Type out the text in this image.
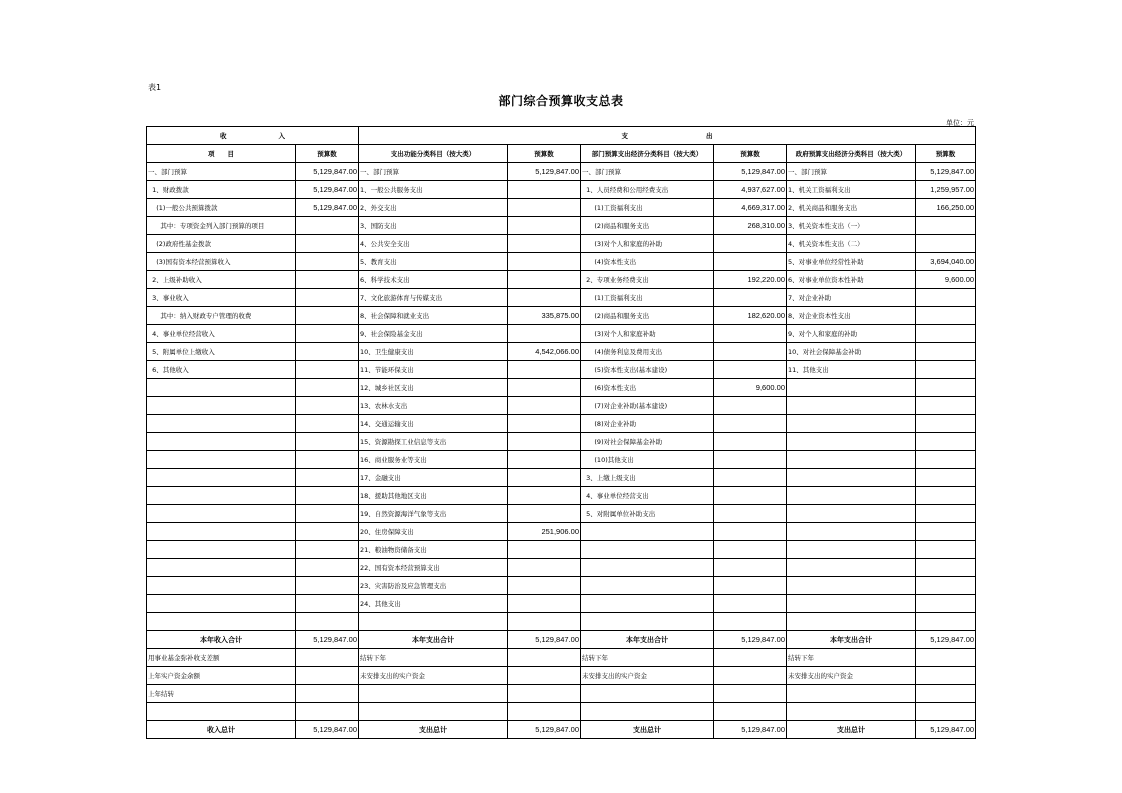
表1
部门综合预算收支总表
单位：元
收　　　　　　　　入		支　　　　　　　　　　　　出					
项　　目	预算数	支出功能分类科目（按大类）	预算数	部门预算支出经济分类科目（按大类）	预算数	政府预算支出经济分类科目（按大类）	预算数
一、部门预算	5,129,847.00	一、部门预算	5,129,847.00	一、部门预算	5,129,847.00	一、部门预算	5,129,847.00
1、财政拨款	5,129,847.00	1、一般公共服务支出		1、人员经费和公用经费支出	4,937,627.00	1、机关工资福利支出	1,259,957.00
(1)一般公共预算拨款	5,129,847.00	2、外交支出		(1)工资福利支出	4,669,317.00	2、机关商品和服务支出	166,250.00
其中：专项资金列入部门预算的项目		3、国防支出		(2)商品和服务支出	268,310.00	3、机关资本性支出（一）	
(2)政府性基金拨款		4、公共安全支出		(3)对个人和家庭的补助		4、机关资本性支出（二）	
(3)国有资本经营预算收入		5、教育支出		(4)资本性支出		5、对事业单位经常性补助	3,694,040.00
2、上级补助收入		6、科学技术支出		2、专项业务经费支出	192,220.00	6、对事业单位资本性补助	9,600.00
3、事业收入		7、文化旅游体育与传媒支出		(1)工资福利支出		7、对企业补助	
其中：纳入财政专户管理的收费		8、社会保障和就业支出	335,875.00	(2)商品和服务支出	182,620.00	8、对企业资本性支出	
4、事业单位经营收入		9、社会保险基金支出		(3)对个人和家庭补助		9、对个人和家庭的补助	
5、附属单位上缴收入		10、卫生健康支出	4,542,066.00	(4)债务利息及费用支出		10、对社会保障基金补助	
6、其他收入		11、节能环保支出		(5)资本性支出(基本建设)		11、其他支出	
		12、城乡社区支出		(6)资本性支出	9,600.00		
		13、农林水支出		(7)对企业补助(基本建设)			
		14、交通运输支出		(8)对企业补助			
		15、资源勘探工业信息等支出		(9)对社会保障基金补助			
		16、商业服务业等支出		(10)其他支出			
		17、金融支出		3、上缴上级支出			
		18、援助其他地区支出		4、事业单位经营支出			
		19、自然资源海洋气象等支出		5、对附属单位补助支出			
		20、住房保障支出	251,906.00				
		21、粮油物资储备支出					
		22、国有资本经营预算支出					
		23、灾害防治及应急管理支出					
		24、其他支出					

本年收入合计	5,129,847.00	本年支出合计	5,129,847.00	本年支出合计	5,129,847.00	本年支出合计	5,129,847.00
用事业基金弥补收支差额		结转下年		结转下年		结转下年	
上年实户资金余额		未安排支出的实户资金		未安排支出的实户资金		未安排支出的实户资金	
上年结转							

收入总计	5,129,847.00	支出总计	5,129,847.00	支出总计	5,129,847.00	支出总计	5,129,847.00
